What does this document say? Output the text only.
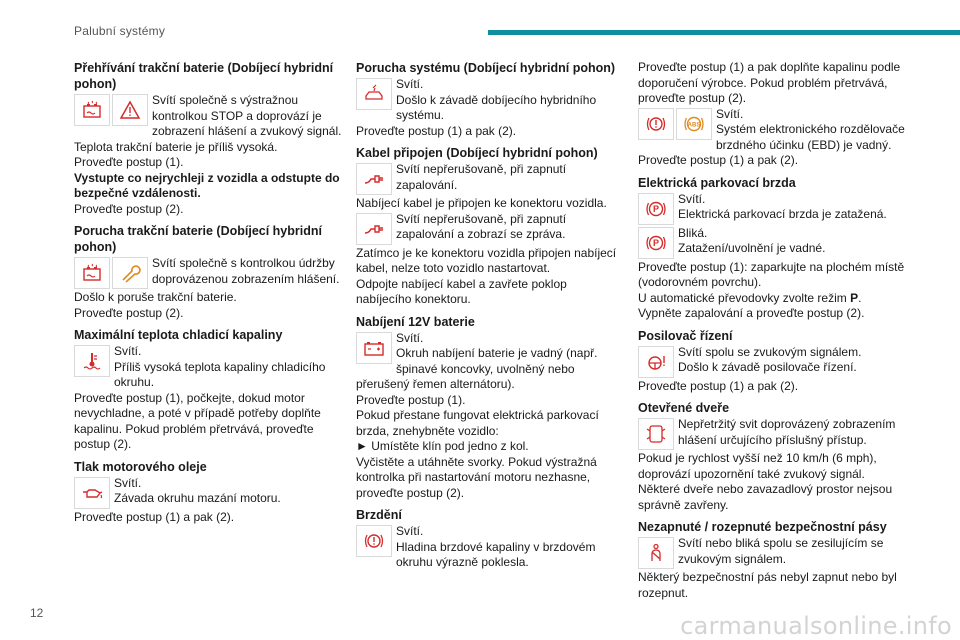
Palubní systémy
Přehřívání trakční baterie (Dobíjecí hybridní pohon)
Svítí společně s výstražnou kontrolkou STOP a doprovází je zobrazení hlášení a zvukový signál.
Teplota trakční baterie je příliš vysoká.
Proveďte postup (1).
Vystupte co nejrychleji z vozidla a odstupte do bezpečné vzdálenosti.
Proveďte postup (2).
Porucha trakční baterie (Dobíjecí hybridní pohon)
Svítí společně s kontrolkou údržby doprovázenou zobrazením hlášení.
Došlo k poruše trakční baterie.
Proveďte postup (2).
Maximální teplota chladicí kapaliny
Svítí.
Příliš vysoká teplota kapaliny chladicího okruhu.
Proveďte postup (1), počkejte, dokud motor nevychladne, a poté v případě potřeby doplňte kapalinu. Pokud problém přetrvává, proveďte postup (2).
Tlak motorového oleje
Svítí.
Závada okruhu mazání motoru.
Proveďte postup (1) a pak (2).
Porucha systému (Dobíjecí hybridní pohon)
Svítí.
Došlo k závadě dobíjecího hybridního systému.
Proveďte postup (1) a pak (2).
Kabel připojen (Dobíjecí hybridní pohon)
Svítí nepřerušovaně, při zapnutí zapalování.
Nabíjecí kabel je připojen ke konektoru vozidla.
Svítí nepřerušovaně, při zapnutí zapalování a zobrazí se zpráva.
Zatímco je ke konektoru vozidla připojen nabíjecí kabel, nelze toto vozidlo nastartovat.
Odpojte nabíjecí kabel a zavřete poklop nabíjecího konektoru.
Nabíjení 12V baterie
Svítí.
Okruh nabíjení baterie je vadný (např. špinavé koncovky, uvolněný nebo přerušený řemen alternátoru).
Proveďte postup (1).
Pokud přestane fungovat elektrická parkovací brzda, znehybněte vozidlo:
► Umístěte klín pod jedno z kol.
Vyčistěte a utáhněte svorky. Pokud výstražná kontrolka při nastartování motoru nezhasne, proveďte postup (2).
Brzdění
Svítí.
Hladina brzdové kapaliny v brzdovém okruhu výrazně poklesla.
Proveďte postup (1) a pak doplňte kapalinu podle doporučení výrobce. Pokud problém přetrvává, proveďte postup (2).
ABS
Svítí.
Systém elektronického rozdělovače brzdného účinku (EBD) je vadný.
Proveďte postup (1) a pak (2).
Elektrická parkovací brzda
P
Svítí.
Elektrická parkovací brzda je zatažená.
P
Bliká.
Zatažení/uvolnění je vadné.
Proveďte postup (1): zaparkujte na plochém místě (vodorovném povrchu).
U automatické převodovky zvolte režim P.
Vypněte zapalování a proveďte postup (2).
Posilovač řízení
Svítí spolu se zvukovým signálem.
Došlo k závadě posilovače řízení.
Proveďte postup (1) a pak (2).
Otevřené dveře
Nepřetržitý svit doprovázený zobrazením hlášení určujícího příslušný přístup.
Pokud je rychlost vyšší než 10 km/h (6 mph), doprovází upozornění také zvukový signál.
Některé dveře nebo zavazadlový prostor nejsou správně zavřeny.
Nezapnuté / rozepnuté bezpečnostní pásy
Svítí nebo bliká spolu se zesilujícím se zvukovým signálem.
Některý bezpečnostní pás nebyl zapnut nebo byl rozepnut.
12	carmanualsonline.info
